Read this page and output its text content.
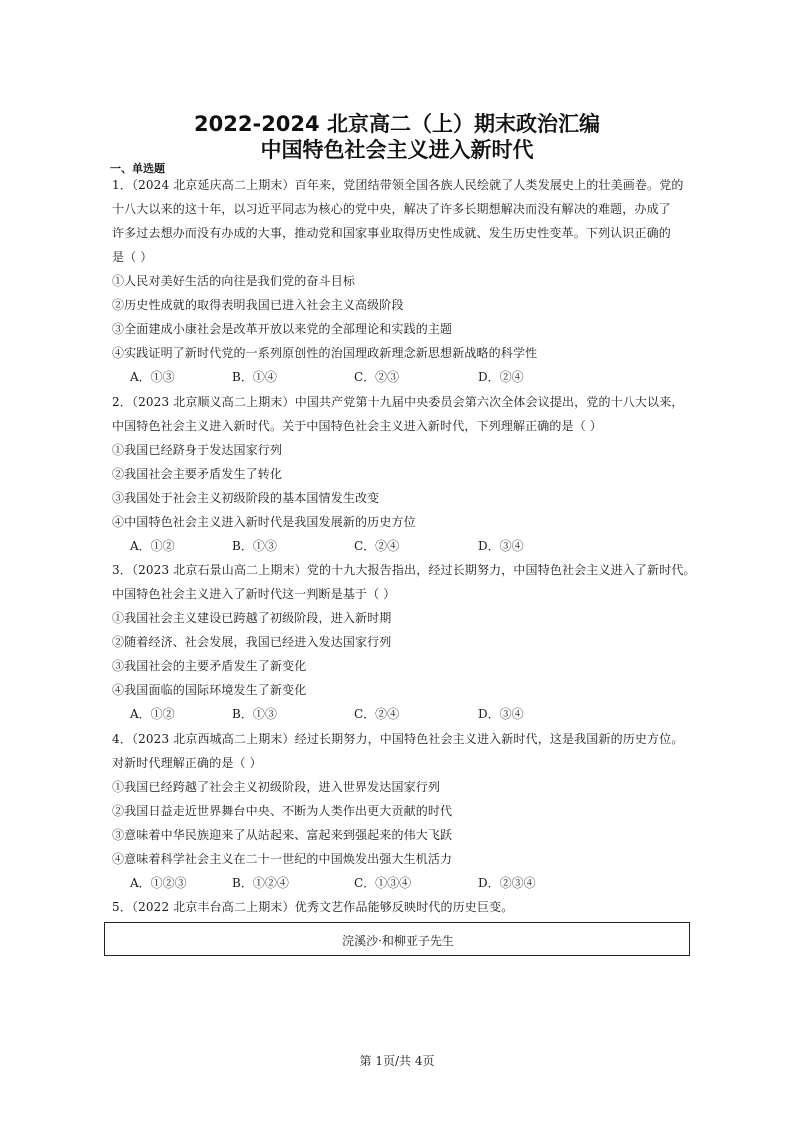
2022-2024 北京高二（上）期末政治汇编
中国特色社会主义进入新时代
一、单选题
1．（2024 北京延庆高二上期末）百年来，党团结带领全国各族人民绘就了人类发展史上的壮美画卷。党的
十八大以来的这十年，以习近平同志为核心的党中央，解决了许多长期想解决而没有解决的难题，办成了
许多过去想办而没有办成的大事，推动党和国家事业取得历史性成就、发生历史性变革。下列认识正确的
是（ ）
①人民对美好生活的向往是我们党的奋斗目标
②历史性成就的取得表明我国已进入社会主义高级阶段
③全面建成小康社会是改革开放以来党的全部理论和实践的主题
④实践证明了新时代党的一系列原创性的治国理政新理念新思想新战略的科学性
A．①③	B．①④	C．②③	D．②④
2．（2023 北京顺义高二上期末）中国共产党第十九届中央委员会第六次全体会议提出，党的十八大以来，
中国特色社会主义进入新时代。关于中国特色社会主义进入新时代，下列理解正确的是（ ）
①我国已经跻身于发达国家行列
②我国社会主要矛盾发生了转化
③我国处于社会主义初级阶段的基本国情发生改变
④中国特色社会主义进入新时代是我国发展新的历史方位
A．①②	B．①③	C．②④	D．③④
3．（2023 北京石景山高二上期末）党的十九大报告指出，经过长期努力，中国特色社会主义进入了新时代。
中国特色社会主义进入了新时代这一判断是基于（ ）
①我国社会主义建设已跨越了初级阶段，进入新时期
②随着经济、社会发展，我国已经进入发达国家行列
③我国社会的主要矛盾发生了新变化
④我国面临的国际环境发生了新变化
A．①②	B．①③	C．②④	D．③④
4．（2023 北京西城高二上期末）经过长期努力，中国特色社会主义进入新时代，这是我国新的历史方位。
对新时代理解正确的是（ ）
①我国已经跨越了社会主义初级阶段，进入世界发达国家行列
②我国日益走近世界舞台中央、不断为人类作出更大贡献的时代
③意味着中华民族迎来了从站起来、富起来到强起来的伟大飞跃
④意味着科学社会主义在二十一世纪的中国焕发出强大生机活力
A．①②③	B．①②④	C．①③④	D．②③④
5．（2022 北京丰台高二上期末）优秀文艺作品能够反映时代的历史巨变。
浣溪沙·和柳亚子先生
第 1页/共 4页
